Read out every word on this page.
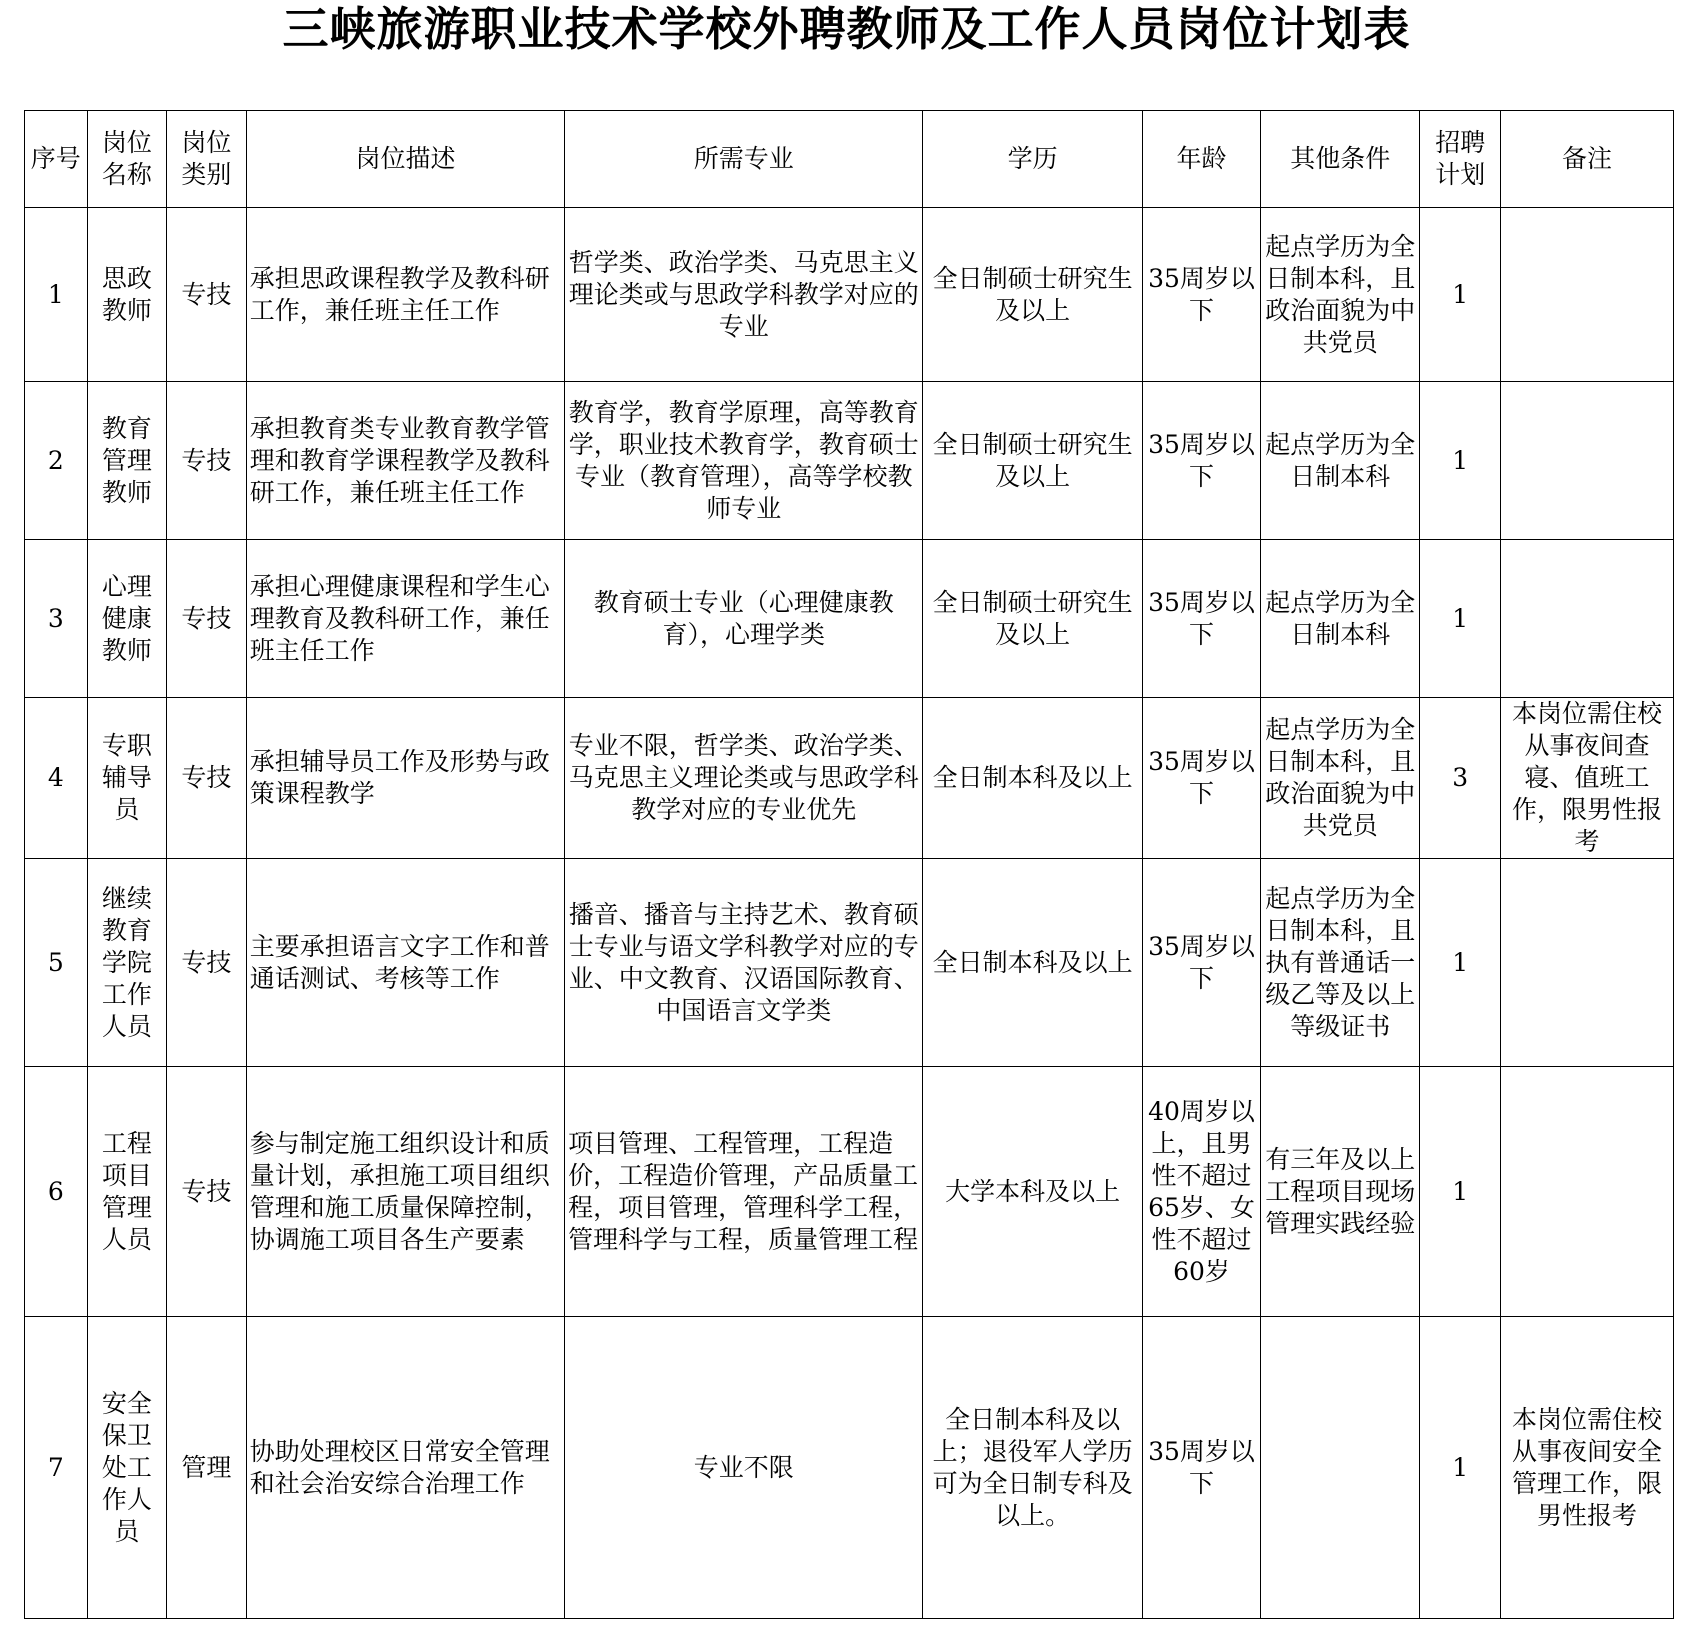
三峡旅游职业技术学校外聘教师及工作人员岗位计划表
序号	岗位名称	岗位类别	岗位描述	所需专业	学历	年龄	其他条件	招聘计划	备注
1	思政教师	专技	承担思政课程教学及教科研工作，兼任班主任工作	哲学类、政治学类、马克思主义理论类或与思政学科教学对应的专业	全日制硕士研究生及以上	35周岁以下	起点学历为全日制本科，且政治面貌为中共党员	1	
2	教育管理教师	专技	承担教育类专业教育教学管理和教育学课程教学及教科研工作，兼任班主任工作	教育学，教育学原理，高等教育学，职业技术教育学，教育硕士专业（教育管理），高等学校教师专业	全日制硕士研究生及以上	35周岁以下	起点学历为全日制本科	1	
3	心理健康教师	专技	承担心理健康课程和学生心理教育及教科研工作，兼任班主任工作	教育硕士专业（心理健康教育），心理学类	全日制硕士研究生及以上	35周岁以下	起点学历为全日制本科	1	
4	专职辅导员	专技	承担辅导员工作及形势与政策课程教学	专业不限，哲学类、政治学类、马克思主义理论类或与思政学科教学对应的专业优先	全日制本科及以上	35周岁以下	起点学历为全日制本科，且政治面貌为中共党员	3	本岗位需住校从事夜间查寝、值班工作，限男性报考
5	继续教育学院工作人员	专技	主要承担语言文字工作和普通话测试、考核等工作	播音、播音与主持艺术、教育硕士专业与语文学科教学对应的专业、中文教育、汉语国际教育、中国语言文学类	全日制本科及以上	35周岁以下	起点学历为全日制本科，且执有普通话一级乙等及以上等级证书	1	
6	工程项目管理人员	专技	参与制定施工组织设计和质量计划，承担施工项目组织管理和施工质量保障控制，协调施工项目各生产要素	项目管理、工程管理，工程造价，工程造价管理，产品质量工程，项目管理，管理科学工程，管理科学与工程，质量管理工程	大学本科及以上	40周岁以上，且男性不超过65岁、女性不超过60岁	有三年及以上工程项目现场管理实践经验	1	
7	安全保卫处工作人员	管理	协助处理校区日常安全管理和社会治安综合治理工作	专业不限	全日制本科及以上；退役军人学历可为全日制专科及以上。	35周岁以下		1	本岗位需住校从事夜间安全管理工作，限男性报考
